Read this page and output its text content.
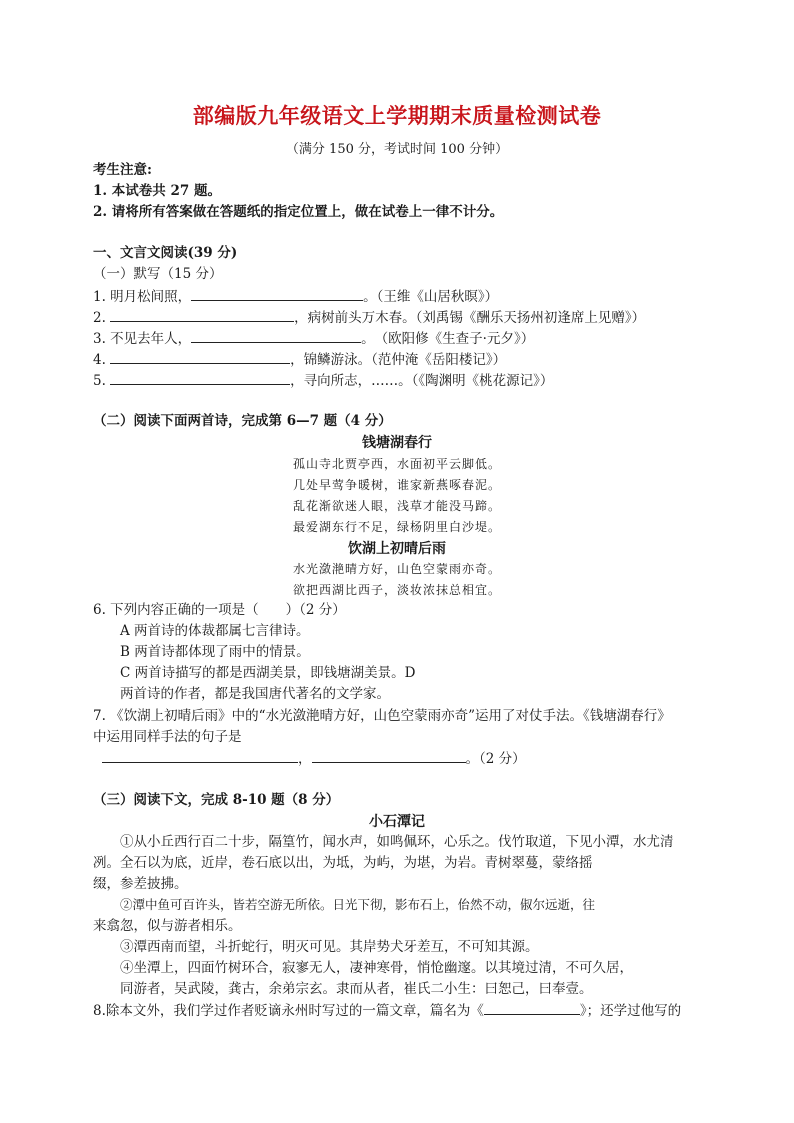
部编版九年级语文上学期期末质量检测试卷
（满分 150 分，考试时间 100 分钟）
考生注意:
1. 本试卷共 27 题。
2. 请将所有答案做在答题纸的指定位置上，做在试卷上一律不计分。
一、文言文阅读(39 分)
（一）默写（15 分）
1. 明月松间照，	。（王维《山居秋暝》）
2.	，病树前头万木春。（刘禹锡《酬乐天扬州初逢席上见赠》）
3. 不见去年人，	。　（欧阳修《生查子·元夕》）
4.	，锦鳞游泳。（范仲淹《岳阳楼记》）
5.	，寻向所志，……。（《陶渊明《桃花源记》）
（二）阅读下面两首诗，完成第 6—7 题（4 分）
钱塘湖春行
孤山寺北贾亭西，水面初平云脚低。
几处早莺争暖树，谁家新燕啄春泥。
乱花渐欲迷人眼，浅草才能没马蹄。
最爱湖东行不足，绿杨阴里白沙堤。
饮湖上初晴后雨
水光潋滟晴方好，山色空蒙雨亦奇。
欲把西湖比西子，淡妆浓抹总相宜。
6. 下列内容正确的一项是（　　）（2 分）
A 两首诗的体裁都属七言律诗。
B 两首诗都体现了雨中的情景。
C 两首诗描写的都是西湖美景，即钱塘湖美景。D
两首诗的作者，都是我国唐代著名的文学家。
7. 《饮湖上初晴后雨》中的“水光潋滟晴方好，山色空蒙雨亦奇”运用了对仗手法。《钱塘湖春行》
中运用同样手法的句子是
，	。（2 分）
（三）阅读下文，完成 8-10 题（8 分）
小石潭记
①从小丘西行百二十步，隔篁竹，闻水声，如鸣佩环，心乐之。伐竹取道，下见小潭，水尤清
冽。全石以为底，近岸，卷石底以出，为坻，为屿，为堪，为岩。青树翠蔓，蒙络摇
缀，参差披拂。
②潭中鱼可百许头，皆若空游无所依。日光下彻，影布石上，佁然不动，俶尔远逝，往
来翕忽，似与游者相乐。
③潭西南而望，斗折蛇行，明灭可见。其岸势犬牙差互，不可知其源。
④坐潭上，四面竹树环合，寂寥无人，凄神寒骨，悄怆幽邃。以其境过清，不可久居，
同游者，吴武陵，龚古，余弟宗玄。隶而从者，崔氏二小生：曰恕己，曰奉壹。
8.除本文外，我们学过作者贬谪永州时写过的一篇文章，篇名为《	》；还学过他写的
